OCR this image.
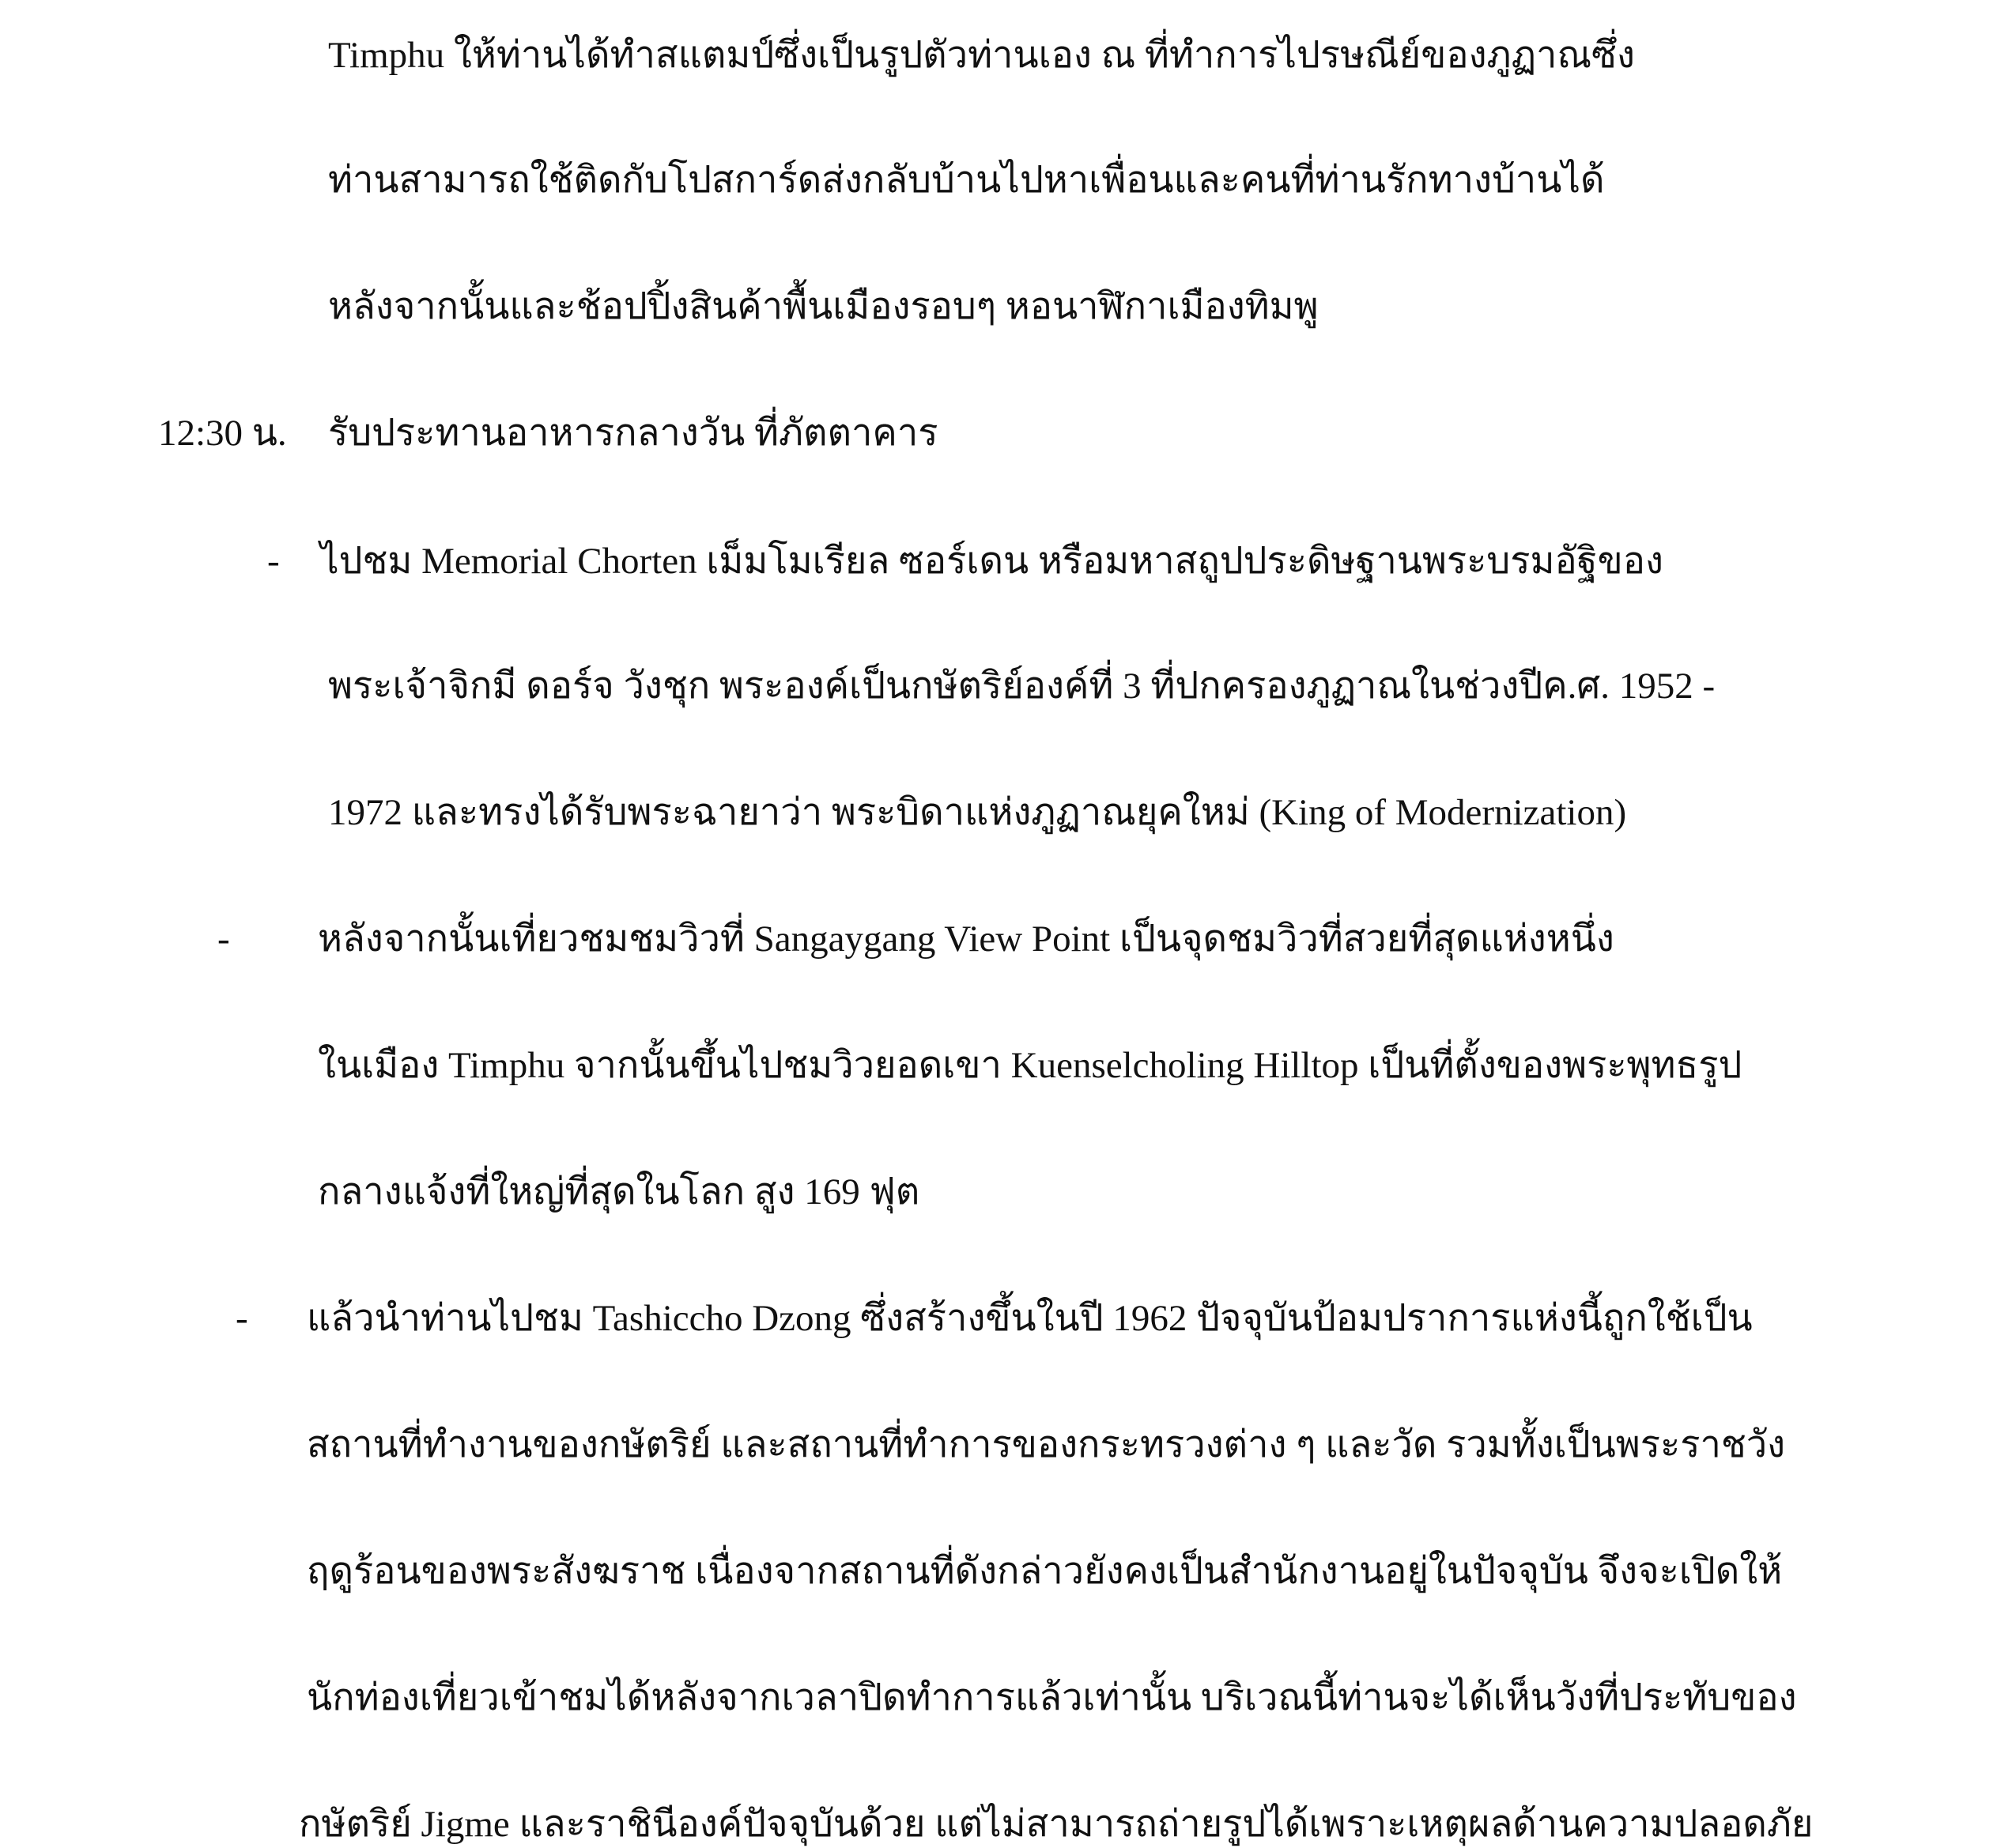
Timphu ให้ท่านได้ทำสแตมป์ซึ่งเป็นรูปตัวท่านเอง ณ ที่ทำการไปรษณีย์ของภูฏาณซึ่ง
ท่านสามารถใช้ติดกับโปสการ์ดส่งกลับบ้านไปหาเพื่อนและคนที่ท่านรักทางบ้านได้
หลังจากนั้นและช้อปปิ้งสินค้าพื้นเมืองรอบๆ หอนาฬิกาเมืองทิมพู
12:30 น. รับประทานอาหารกลางวัน ที่ภัตตาคาร
- ไปชม Memorial Chorten เม็มโมเรียล ซอร์เดน หรือมหาสถูปประดิษฐานพระบรมอัฐิของ
พระเจ้าจิกมี ดอร์จ วังชุก พระองค์เป็นกษัตริย์องค์ที่ 3 ที่ปกครองภูฏาณในช่วงปีค.ศ. 1952 -
1972 และทรงได้รับพระฉายาว่า พระบิดาแห่งภูฏาณยุคใหม่ (King of Modernization)
- หลังจากนั้นเที่ยวชมชมวิวที่ Sangaygang View Point เป็นจุดชมวิวที่สวยที่สุดแห่งหนึ่ง
ในเมือง Timphu จากนั้นขึ้นไปชมวิวยอดเขา Kuenselcholing Hilltop เป็นที่ตั้งของพระพุทธรูป
กลางแจ้งที่ใหญ่ที่สุดในโลก สูง 169 ฟุต
- แล้วนำท่านไปชม Tashiccho Dzong ซึ่งสร้างขึ้นในปี 1962 ปัจจุบันป้อมปราการแห่งนี้ถูกใช้เป็น
สถานที่ทำงานของกษัตริย์ และสถานที่ทำการของกระทรวงต่าง ๆ และวัด รวมทั้งเป็นพระราชวัง
ฤดูร้อนของพระสังฆราช เนื่องจากสถานที่ดังกล่าวยังคงเป็นสำนักงานอยู่ในปัจจุบัน จึงจะเปิดให้
นักท่องเที่ยวเข้าชมได้หลังจากเวลาปิดทำการแล้วเท่านั้น บริเวณนี้ท่านจะได้เห็นวังที่ประทับของ
กษัตริย์ Jigme และราชินีองค์ปัจจุบันด้วย แต่ไม่สามารถถ่ายรูปได้เพราะเหตุผลด้านความปลอดภัย
